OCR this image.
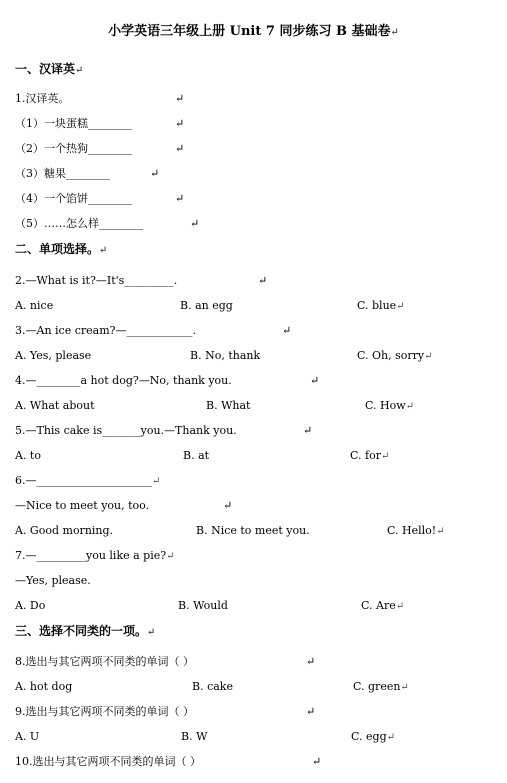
小学英语三年级上册 Unit 7 同步练习 B 基础卷↵
一、汉译英↵
1.汉译英。	↵
（1）一块蛋糕________	↵
（2）一个热狗________	↵
（3）糖果________	↵
（4）一个馅饼________	↵
（5）……怎么样________	↵
二、单项选择。↵
2.—What is it?—It's_________.	↵
A. nice	B. an egg	C. blue↵
3.—An ice cream?—____________.	↵
A. Yes, please	B. No, thank	C. Oh, sorry↵
4.—________a hot dog?—No, thank you.	↵
A. What about	B. What	C. How↵
5.—This cake is_______you.—Thank you.	↵
A. to	B. at	C. for↵
6.—_____________________↵
—Nice to meet you, too.	↵
A. Good morning.	B. Nice to meet you.	C. Hello!↵
7.—_________you like a pie?↵
—Yes, please.
A. Do	B. Would	C. Are↵
三、选择不同类的一项。↵
8.选出与其它两项不同类的单词（ ）	↵
A. hot dog	B. cake	C. green↵
9.选出与其它两项不同类的单词（ ）	↵
A. U	B. W	C. egg↵
10.选出与其它两项不同类的单词（ ）	↵
